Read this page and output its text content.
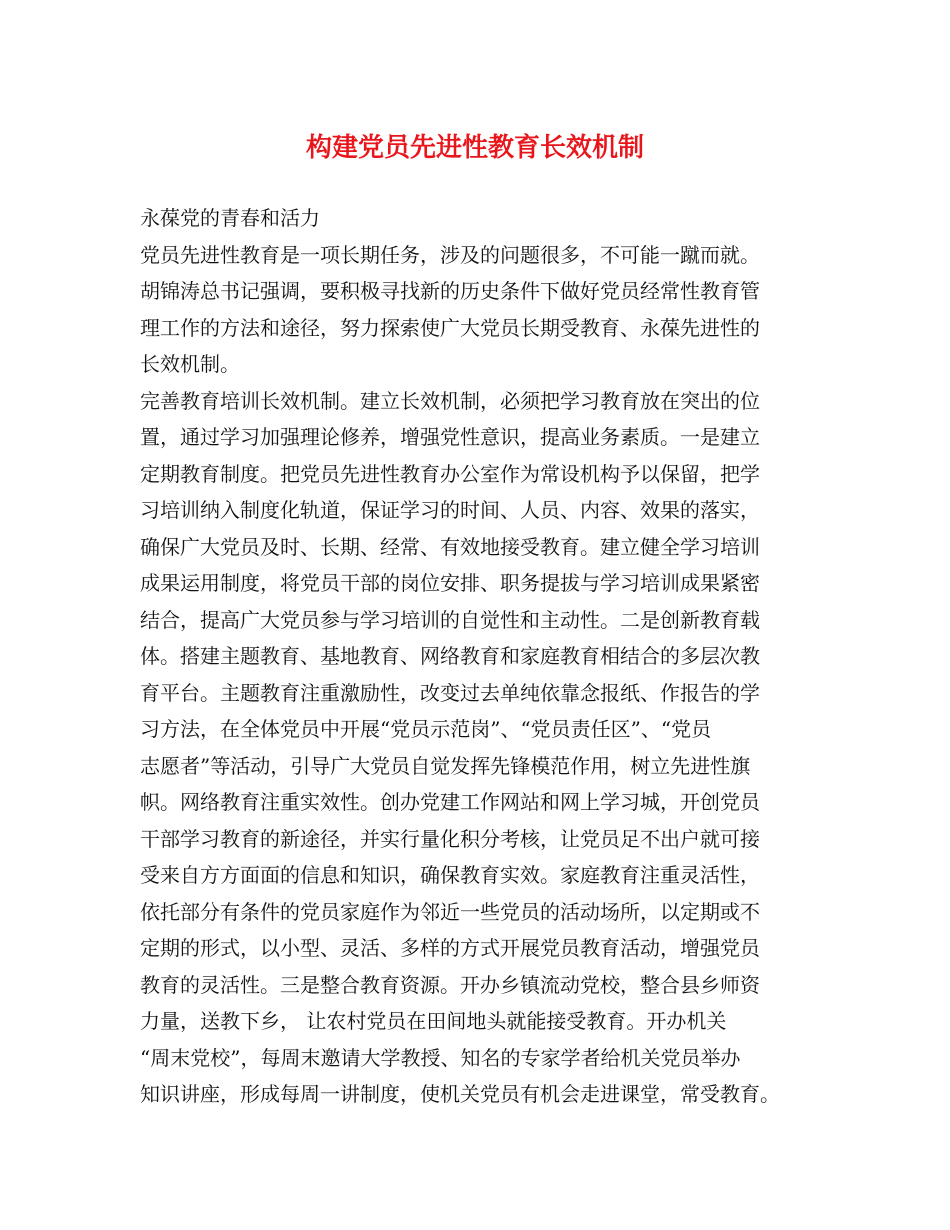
构建党员先进性教育长效机制
永葆党的青春和活力
党员先进性教育是一项长期任务，涉及的问题很多，不可能一蹴而就。
胡锦涛总书记强调，要积极寻找新的历史条件下做好党员经常性教育管
理工作的方法和途径，努力探索使广大党员长期受教育、永葆先进性的
长效机制。
完善教育培训长效机制。建立长效机制，必须把学习教育放在突出的位
置，通过学习加强理论修养，增强党性意识，提高业务素质。一是建立
定期教育制度。把党员先进性教育办公室作为常设机构予以保留，把学
习培训纳入制度化轨道，保证学习的时间、人员、内容、效果的落实，
确保广大党员及时、长期、经常、有效地接受教育。建立健全学习培训
成果运用制度，将党员干部的岗位安排、职务提拔与学习培训成果紧密
结合，提高广大党员参与学习培训的自觉性和主动性。二是创新教育载
体。搭建主题教育、基地教育、网络教育和家庭教育相结合的多层次教
育平台。主题教育注重激励性，改变过去单纯依靠念报纸、作报告的学
习方法，在全体党员中开展“党员示范岗”、“党员责任区”、“党员
志愿者”等活动，引导广大党员自觉发挥先锋模范作用，树立先进性旗
帜。网络教育注重实效性。创办党建工作网站和网上学习城，开创党员
干部学习教育的新途径，并实行量化积分考核，让党员足不出户就可接
受来自方方面面的信息和知识，确保教育实效。家庭教育注重灵活性，
依托部分有条件的党员家庭作为邻近一些党员的活动场所，以定期或不
定期的形式，以小型、灵活、多样的方式开展党员教育活动，增强党员
教育的灵活性。三是整合教育资源。开办乡镇流动党校，整合县乡师资
力量，送教下乡， 让农村党员在田间地头就能接受教育。开办机关
“周末党校”，每周末邀请大学教授、知名的专家学者给机关党员举办
知识讲座，形成每周一讲制度，使机关党员有机会走进课堂，常受教育。
